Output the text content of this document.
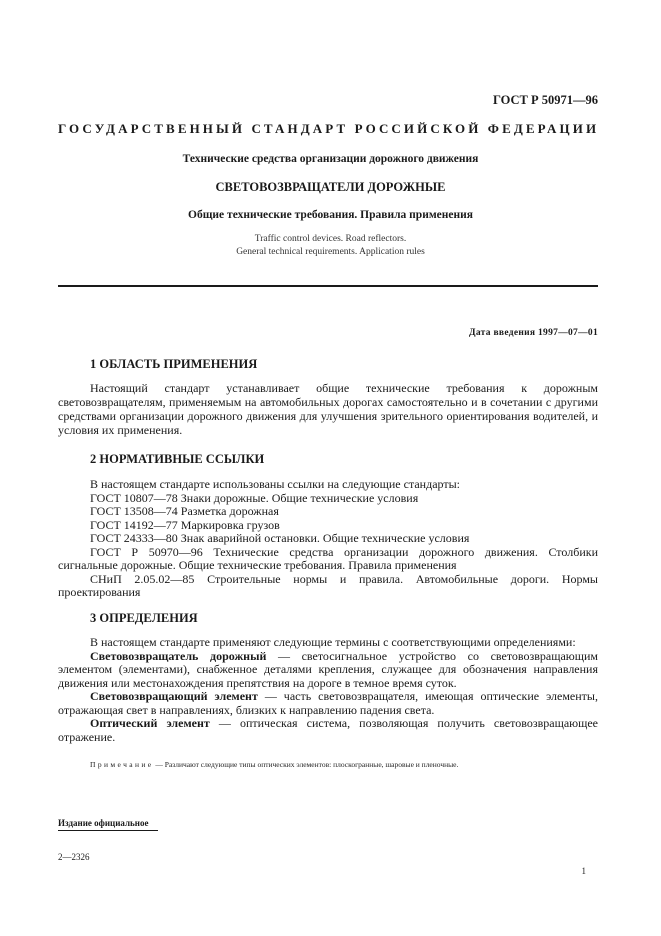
ГОСТ Р 50971—96
ГОСУДАРСТВЕННЫЙ СТАНДАРТ РОССИЙСКОЙ ФЕДЕРАЦИИ
Технические средства организации дорожного движения
СВЕТОВОЗВРАЩАТЕЛИ ДОРОЖНЫЕ
Общие технические требования. Правила применения
Traffic control devices. Road reflectors.
General technical requirements. Application rules
Дата введения 1997—07—01
1 ОБЛАСТЬ ПРИМЕНЕНИЯ

Настоящий стандарт устанавливает общие технические требования к дорожным световозвращателям, применяемым на автомобильных дорогах самостоятельно и в сочетании с другими средствами организации дорожного движения для улучшения зрительного ориентирования водителей, и условия их применения.

2 НОРМАТИВНЫЕ ССЫЛКИ
В настоящем стандарте использованы ссылки на следующие стандарты:
ГОСТ 10807—78 Знаки дорожные. Общие технические условия
ГОСТ 13508—74 Разметка дорожная
ГОСТ 14192—77 Маркировка грузов
ГОСТ 24333—80 Знак аварийной остановки. Общие технические условия
ГОСТ Р 50970—96 Технические средства организации дорожного движения. Столбики сигнальные дорожные. Общие технические требования. Правила применения
СНиП 2.05.02—85 Строительные нормы и правила. Автомобильные дороги. Нормы проектирования
3 ОПРЕДЕЛЕНИЯ
В настоящем стандарте применяют следующие термины с соответствующими определениями:
Световозвращатель дорожный — светосигнальное устройство со световозвращающим элементом (элементами), снабженное деталями крепления, служащее для обозначения направления движения или местонахождения препятствия на дороге в темное время суток.
Световозвращающий элемент — часть световозвращателя, имеющая оптические элементы, отражающая свет в направлениях, близких к направлению падения света.
Оптический элемент — оптическая система, позволяющая получить световозвращающее отражение.
Примечание — Различают следующие типы оптических элементов: плоскогранные, шаровые и пленочные.
Издание официальное
2—2326
1
